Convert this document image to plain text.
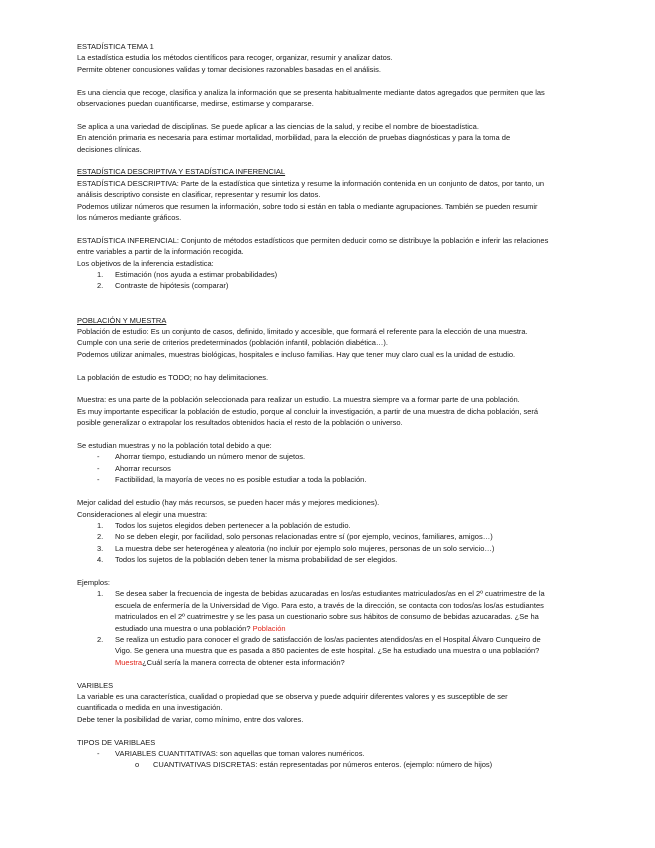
ESTADÍSTICA TEMA 1

La estadística estudia los métodos científicos para recoger, organizar, resumir y analizar datos.

Permite obtener concusiones validas y tomar decisiones razonables basadas en el análisis.

Es una ciencia que recoge, clasifica y analiza la información que se presenta habitualmente mediante datos agregados que permiten que las

observaciones puedan cuantificarse, medirse, estimarse y compararse.

Se aplica a una variedad de disciplinas. Se puede aplicar a las ciencias de la salud, y recibe el nombre de bioestadística.

En atención primaria es necesaria para estimar mortalidad, morbilidad, para la elección de pruebas diagnósticas y para la toma de

decisiones clínicas.

ESTADÍSTICA DESCRIPTIVA Y ESTADÍSTICA INFERENCIAL

ESTADÍSTICA DESCRIPTIVA: Parte de la estadística que sintetiza y resume la información contenida en un conjunto de datos, por tanto, un

análisis descriptivo consiste en clasificar, representar y resumir los datos.

Podemos utilizar números que resumen la información, sobre todo si están en tabla o mediante agrupaciones. También se pueden resumir

los números mediante gráficos.

ESTADÍSTICA INFERENCIAL: Conjunto de métodos estadísticos que permiten deducir como se distribuye la población e inferir las relaciones

entre variables a partir de la información recogida.

Los objetivos de la inferencia estadística:

1. Estimación (nos ayuda a estimar probabilidades)
2. Contraste de hipótesis (comparar)

POBLACIÓN Y MUESTRA

Población de estudio: Es un conjunto de casos, definido, limitado y accesible, que formará el referente para la elección de una muestra.

Cumple con una serie de criterios predeterminados (población infantil, población diabética…).

Podemos utilizar animales, muestras biológicas, hospitales e incluso familias. Hay que tener muy claro cual es la unidad de estudio.

La población de estudio es TODO; no hay delimitaciones.

Muestra: es una parte de la población seleccionada para realizar un estudio. La muestra siempre va a formar parte de una población.

Es muy importante especificar la población de estudio, porque al concluir la investigación, a partir de una muestra de dicha población, será

posible generalizar o extrapolar los resultados obtenidos hacia el resto de la población o universo.

Se estudian muestras y no la población total debido a que:

- Ahorrar tiempo, estudiando un número menor de sujetos.
- Ahorrar recursos
- Factibilidad, la mayoría de veces no es posible estudiar a toda la población.

Mejor calidad del estudio (hay más recursos, se pueden hacer más y mejores mediciones).

Consideraciones al elegir una muestra:

1. Todos los sujetos elegidos deben pertenecer a la población de estudio.
2. No se deben elegir, por facilidad, solo personas relacionadas entre sí (por ejemplo, vecinos, familiares, amigos…)
3. La muestra debe ser heterogénea y aleatoria (no incluir por ejemplo solo mujeres, personas de un solo servicio…)
4. Todos los sujetos de la población deben tener la misma probabilidad de ser elegidos.

Ejemplos:

1. Se desea saber la frecuencia de ingesta de bebidas azucaradas en los/as estudiantes matriculados/as en el 2º cuatrimestre de la

escuela de enfermería de la Universidad de Vigo. Para esto, a través de la dirección, se contacta con todos/as los/as estudiantes

matriculados en el 2º cuatrimestre y se les pasa un cuestionario sobre sus hábitos de consumo de bebidas azucaradas. ¿Se ha

estudiado una muestra o una población? Población

2. Se realiza un estudio para conocer el grado de satisfacción de los/as pacientes atendidos/as en el Hospital Álvaro Cunqueiro de

Vigo. Se genera una muestra que es pasada a 850 pacientes de este hospital. ¿Se ha estudiado una muestra o una población?

Muestra¿Cuál sería la manera correcta de obtener esta información?

VARIBLES

La variable es una característica, cualidad o propiedad que se observa y puede adquirir diferentes valores y es susceptible de ser

cuantificada o medida en una investigación.

Debe tener la posibilidad de variar, como mínimo, entre dos valores.

TIPOS DE VARIBLAES

- VARIABLES CUANTITATIVAS: son aquellas que toman valores numéricos.
o CUANTIVATIVAS DISCRETAS: están representadas por números enteros. (ejemplo: número de hijos)
